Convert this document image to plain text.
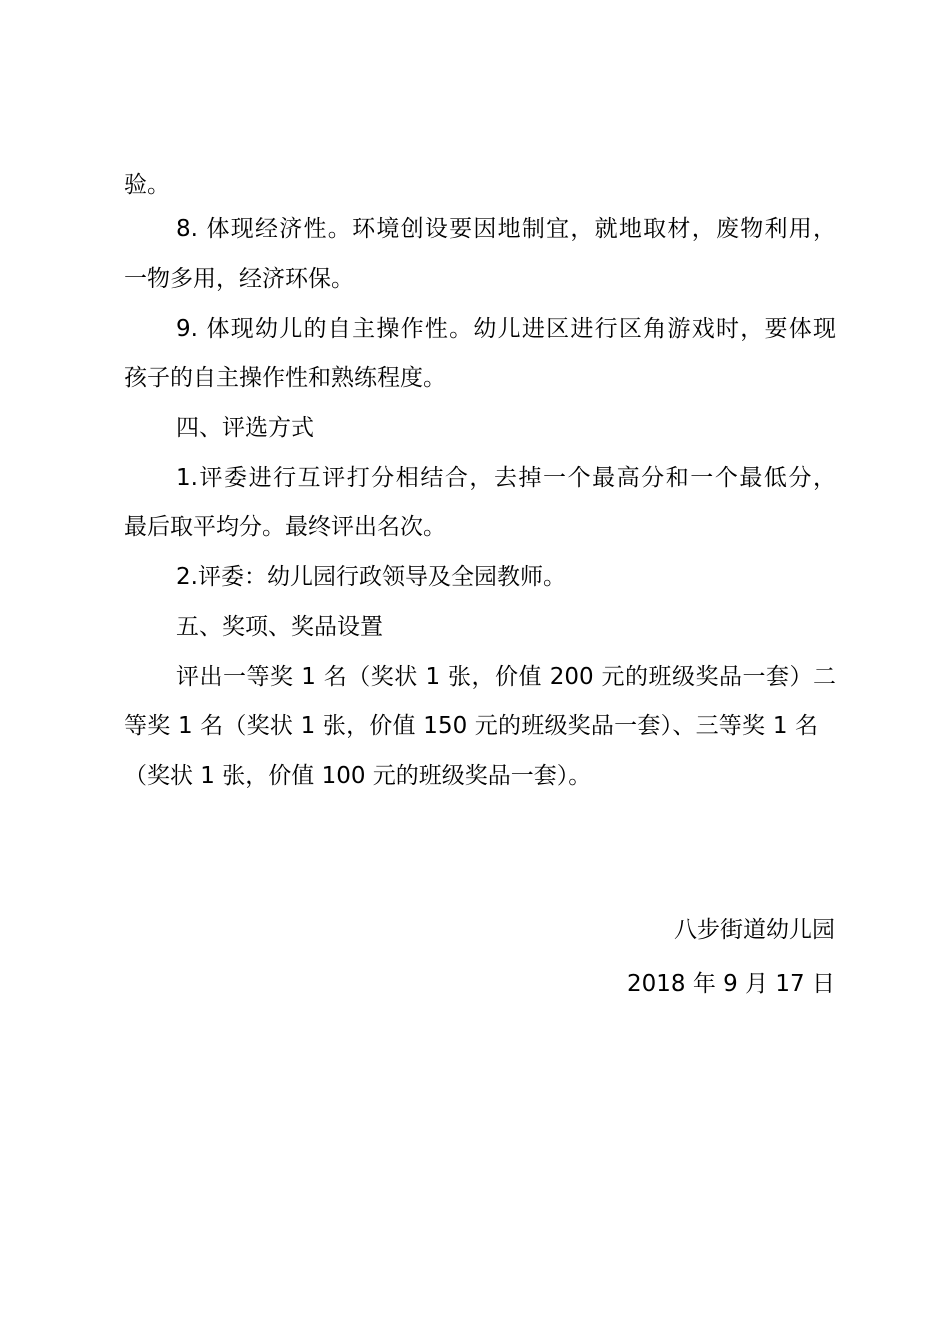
验。
8. 体现经济性。环境创设要因地制宜，就地取材，废物利用，
一物多用，经济环保。
9. 体现幼儿的自主操作性。幼儿进区进行区角游戏时，要体现
孩子的自主操作性和熟练程度。
四、评选方式
1.评委进行互评打分相结合，去掉一个最高分和一个最低分，
最后取平均分。最终评出名次。
2.评委：幼儿园行政领导及全园教师。
五、奖项、奖品设置
评出一等奖 1 名（奖状 1 张，价值 200 元的班级奖品一套）二
等奖 1 名（奖状 1 张，价值 150 元的班级奖品一套）、三等奖 1 名
（奖状 1 张，价值 100 元的班级奖品一套）。
八步街道幼儿园
2018 年 9 月 17 日
